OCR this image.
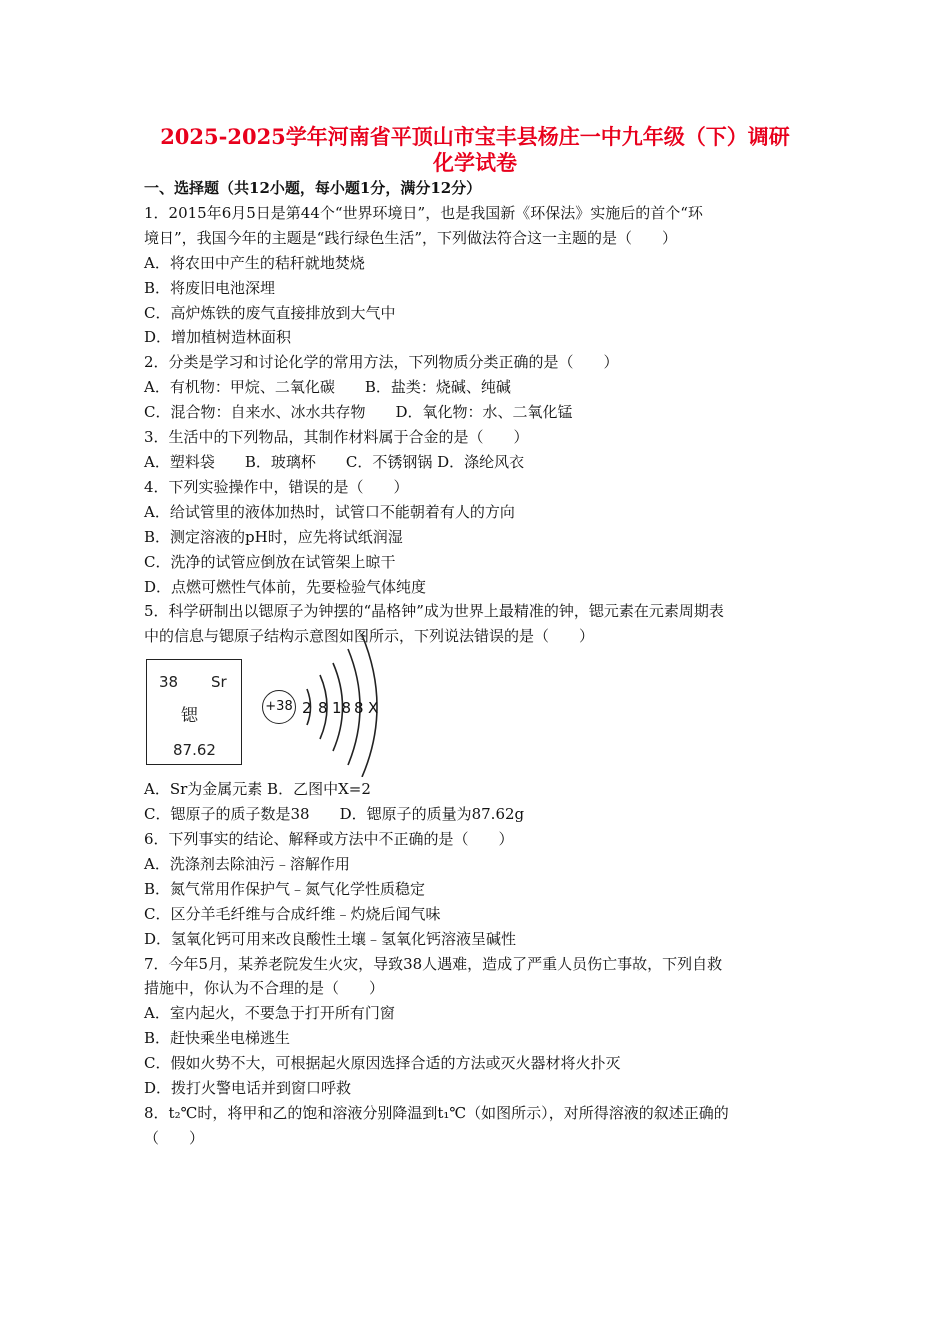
2025-2025学年河南省平顶山市宝丰县杨庄一中九年级（下）调研
化学试卷

一、选择题（共12小题，每小题1分，满分12分）

1．2015年6月5日是第44个“世界环境日”，也是我国新《环保法》实施后的首个“环

境日”，我国今年的主题是“践行绿色生活”，下列做法符合这一主题的是（　　）

A．将农田中产生的秸秆就地焚烧

B．将废旧电池深埋

C．高炉炼铁的废气直接排放到大气中

D．增加植树造林面积

2．分类是学习和讨论化学的常用方法，下列物质分类正确的是（　　）

A．有机物：甲烷、二氧化碳　　B．盐类：烧碱、纯碱

C．混合物：自来水、冰水共存物　　D．氧化物：水、二氧化锰

3．生活中的下列物品，其制作材料属于合金的是（　　）

A．塑料袋　　B．玻璃杯　　C．不锈钢锅 D．涤纶风衣

4．下列实验操作中，错误的是（　　）

A．给试管里的液体加热时，试管口不能朝着有人的方向

B．测定溶液的pH时，应先将试纸润湿

C．洗净的试管应倒放在试管架上晾干

D．点燃可燃性气体前，先要检验气体纯度

5．科学研制出以锶原子为钟摆的“晶格钟”成为世界上最精准的钟，锶元素在元素周期表

中的信息与锶原子结构示意图如图所示，下列说法错误的是（　　）

38 Sr
锶
87.62
+38 2 8 18 8 X

A．Sr为金属元素 B．乙图中X=2

C．锶原子的质子数是38　　D．锶原子的质量为87.62g

6．下列事实的结论、解释或方法中不正确的是（　　）

A．洗涤剂去除油污﹣溶解作用

B．氮气常用作保护气﹣氮气化学性质稳定

C．区分羊毛纤维与合成纤维﹣灼烧后闻气味

D．氢氧化钙可用来改良酸性土壤﹣氢氧化钙溶液呈碱性

7．今年5月，某养老院发生火灾，导致38人遇难，造成了严重人员伤亡事故，下列自救

措施中，你认为不合理的是（　　）

A．室内起火，不要急于打开所有门窗

B．赶快乘坐电梯逃生

C．假如火势不大，可根据起火原因选择合适的方法或灭火器材将火扑灭

D．拨打火警电话并到窗口呼救

8．t₂℃时，将甲和乙的饱和溶液分别降温到t₁℃（如图所示），对所得溶液的叙述正确的

（　　）
